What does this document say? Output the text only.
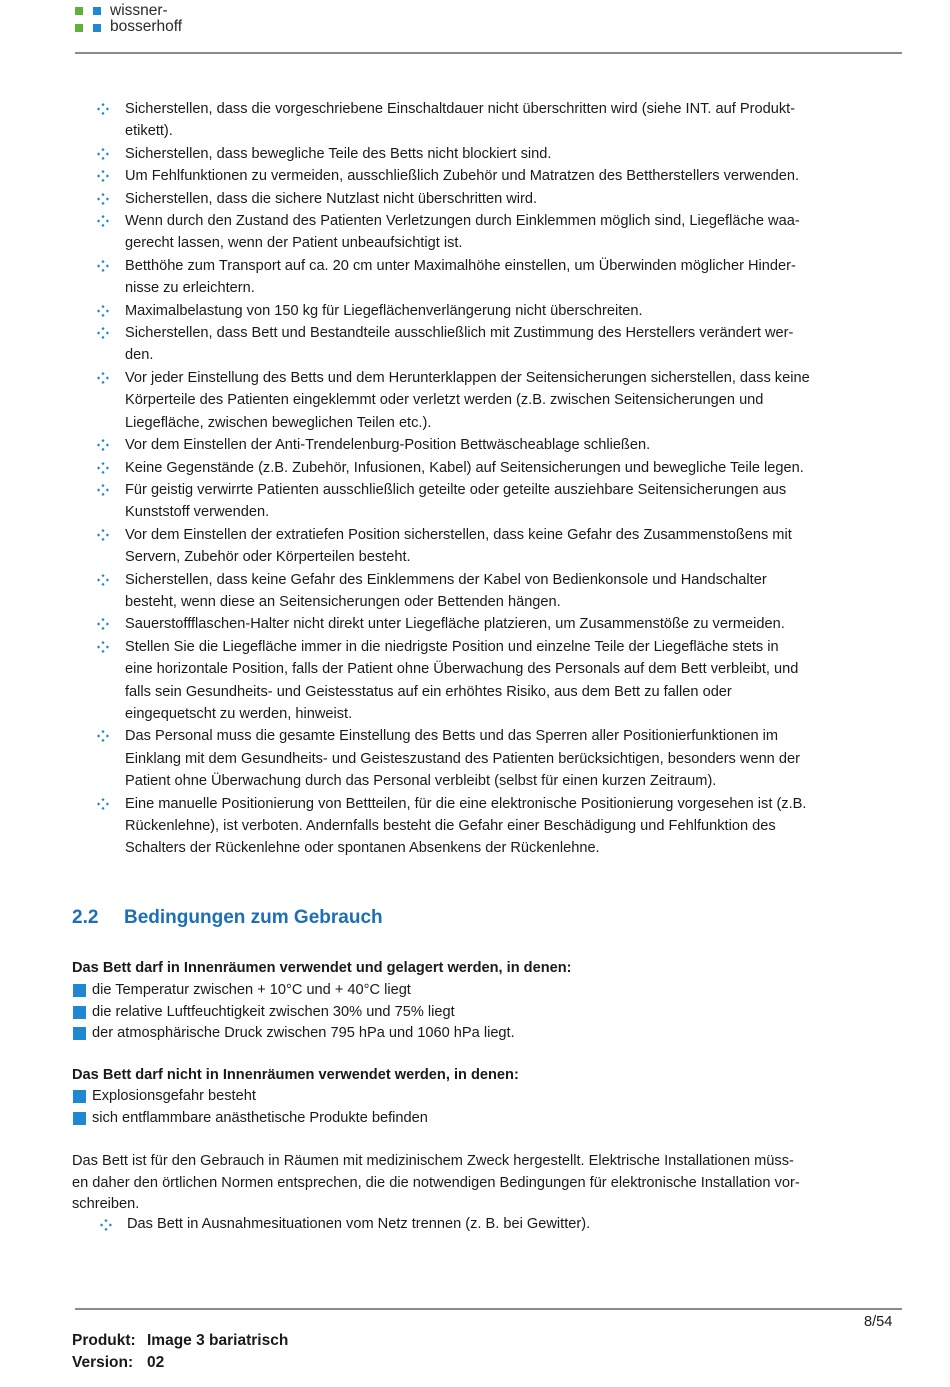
wissner-
bosserhoff
Sicherstellen, dass die vorgeschriebene Einschaltdauer nicht überschritten wird (siehe INT. auf Produkt-
etikett).
Sicherstellen, dass bewegliche Teile des Betts nicht blockiert sind.
Um Fehlfunktionen zu vermeiden, ausschließlich Zubehör und Matratzen des Bettherstellers verwenden.
Sicherstellen, dass die sichere Nutzlast nicht überschritten wird.
Wenn durch den Zustand des Patienten Verletzungen durch Einklemmen möglich sind, Liegefläche waa-
gerecht lassen, wenn der Patient unbeaufsichtigt ist.
Betthöhe zum Transport auf ca. 20 cm unter Maximalhöhe einstellen, um Überwinden möglicher Hinder-
nisse zu erleichtern.
Maximalbelastung von 150 kg für Liegeflächenverlängerung nicht überschreiten.
Sicherstellen, dass Bett und Bestandteile ausschließlich mit Zustimmung des Herstellers verändert wer-
den.
Vor jeder Einstellung des Betts und dem Herunterklappen der Seitensicherungen sicherstellen, dass keine
Körperteile des Patienten eingeklemmt oder verletzt werden (z.B. zwischen Seitensicherungen und
Liegefläche, zwischen beweglichen Teilen etc.).
Vor dem Einstellen der Anti-Trendelenburg-Position Bettwäscheablage schließen.
Keine Gegenstände (z.B. Zubehör, Infusionen, Kabel) auf Seitensicherungen und bewegliche Teile legen.
Für geistig verwirrte Patienten ausschließlich geteilte oder geteilte ausziehbare Seitensicherungen aus
Kunststoff verwenden.
Vor dem Einstellen der extratiefen Position sicherstellen, dass keine Gefahr des Zusammenstoßens mit
Servern, Zubehör oder Körperteilen besteht.
Sicherstellen, dass keine Gefahr des Einklemmens der Kabel von Bedienkonsole und Handschalter
besteht, wenn diese an Seitensicherungen oder Bettenden hängen.
Sauerstoffflaschen-Halter nicht direkt unter Liegefläche platzieren, um Zusammenstöße zu vermeiden.
Stellen Sie die Liegefläche immer in die niedrigste Position und einzelne Teile der Liegefläche stets in
eine horizontale Position, falls der Patient ohne Überwachung des Personals auf dem Bett verbleibt, und
falls sein Gesundheits- und Geistesstatus auf ein erhöhtes Risiko, aus dem Bett zu fallen oder
eingequetscht zu werden, hinweist.
Das Personal muss die gesamte Einstellung des Betts und das Sperren aller Positionierfunktionen im
Einklang mit dem Gesundheits- und Geisteszustand des Patienten berücksichtigen, besonders wenn der
Patient ohne Überwachung durch das Personal verbleibt (selbst für einen kurzen Zeitraum).
Eine manuelle Positionierung von Bettteilen, für die eine elektronische Positionierung vorgesehen ist (z.B.
Rückenlehne), ist verboten. Andernfalls besteht die Gefahr einer Beschädigung und Fehlfunktion des
Schalters der Rückenlehne oder spontanen Absenkens der Rückenlehne.
2.2 Bedingungen zum Gebrauch
Das Bett darf in Innenräumen verwendet und gelagert werden, in denen:
die Temperatur zwischen + 10°C und + 40°C liegt
die relative Luftfeuchtigkeit zwischen 30% und 75% liegt
der atmosphärische Druck zwischen 795 hPa und 1060 hPa liegt.
Das Bett darf nicht in Innenräumen verwendet werden, in denen:
Explosionsgefahr besteht
sich entflammbare anästhetische Produkte befinden

Das Bett ist für den Gebrauch in Räumen mit medizinischem Zweck hergestellt. Elektrische Installationen müss-
en daher den örtlichen Normen entsprechen, die die notwendigen Bedingungen für elektronische Installation vor-
schreiben.

Das Bett in Ausnahmesituationen vom Netz trennen (z. B. bei Gewitter).
8/54
Produkt: Image 3 bariatrisch
Version: 02
